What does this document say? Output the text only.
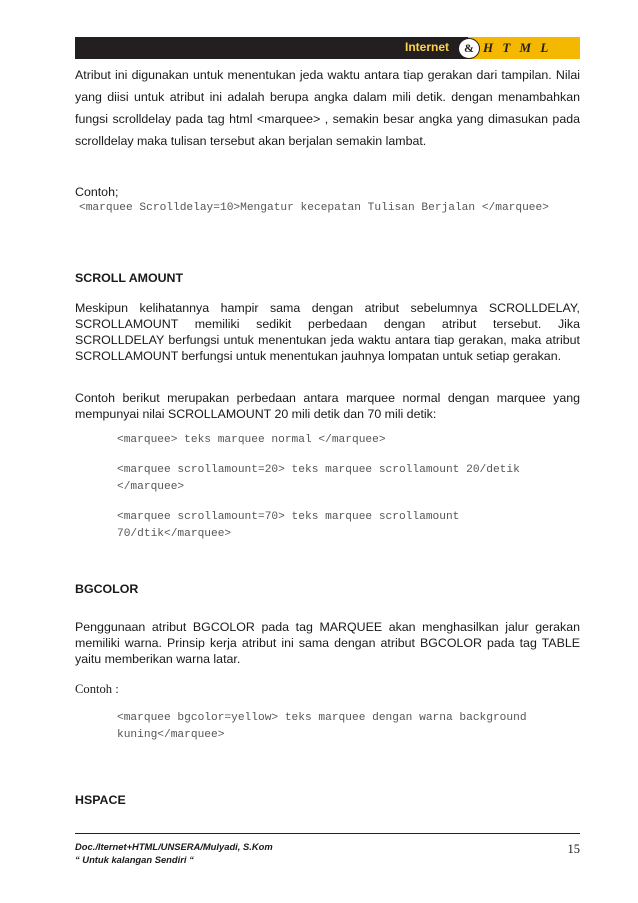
Internet	& H T M L

Atribut ini digunakan untuk menentukan jeda waktu antara tiap gerakan dari tampilan. Nilai yang diisi untuk atribut ini adalah berupa angka dalam mili detik. dengan menambahkan fungsi scrolldelay pada tag html <marquee> , semakin besar angka yang dimasukan pada scrolldelay maka tulisan tersebut akan berjalan semakin lambat.

Contoh;

<marquee Scrolldelay=10>Mengatur kecepatan Tulisan Berjalan </marquee>
SCROLL AMOUNT

Meskipun kelihatannya hampir sama dengan atribut sebelumnya SCROLLDELAY, SCROLLAMOUNT memiliki sedikit perbedaan dengan atribut tersebut. Jika SCROLLDELAY berfungsi untuk menentukan jeda waktu antara tiap gerakan, maka atribut SCROLLAMOUNT berfungsi untuk menentukan jauhnya lompatan untuk setiap gerakan.

Contoh berikut merupakan perbedaan antara marquee normal dengan marquee yang mempunyai nilai SCROLLAMOUNT 20 mili detik dan 70 mili detik:

<marquee> teks marquee normal </marquee>
<marquee scrollamount=20> teks marquee scrollamount 20/detik </marquee>
<marquee scrollamount=70> teks marquee scrollamount 70/dtik</marquee>
BGCOLOR

Penggunaan atribut BGCOLOR pada tag MARQUEE akan menghasilkan jalur gerakan memiliki warna. Prinsip kerja atribut ini sama dengan atribut BGCOLOR pada tag TABLE yaitu memberikan warna latar.

Contoh :

<marquee bgcolor=yellow> teks marquee dengan warna background kuning</marquee>
HSPACE
Doc./Iternet+HTML/UNSERA/Mulyadi, S.Kom
“ Untuk kalangan Sendiri “
15
